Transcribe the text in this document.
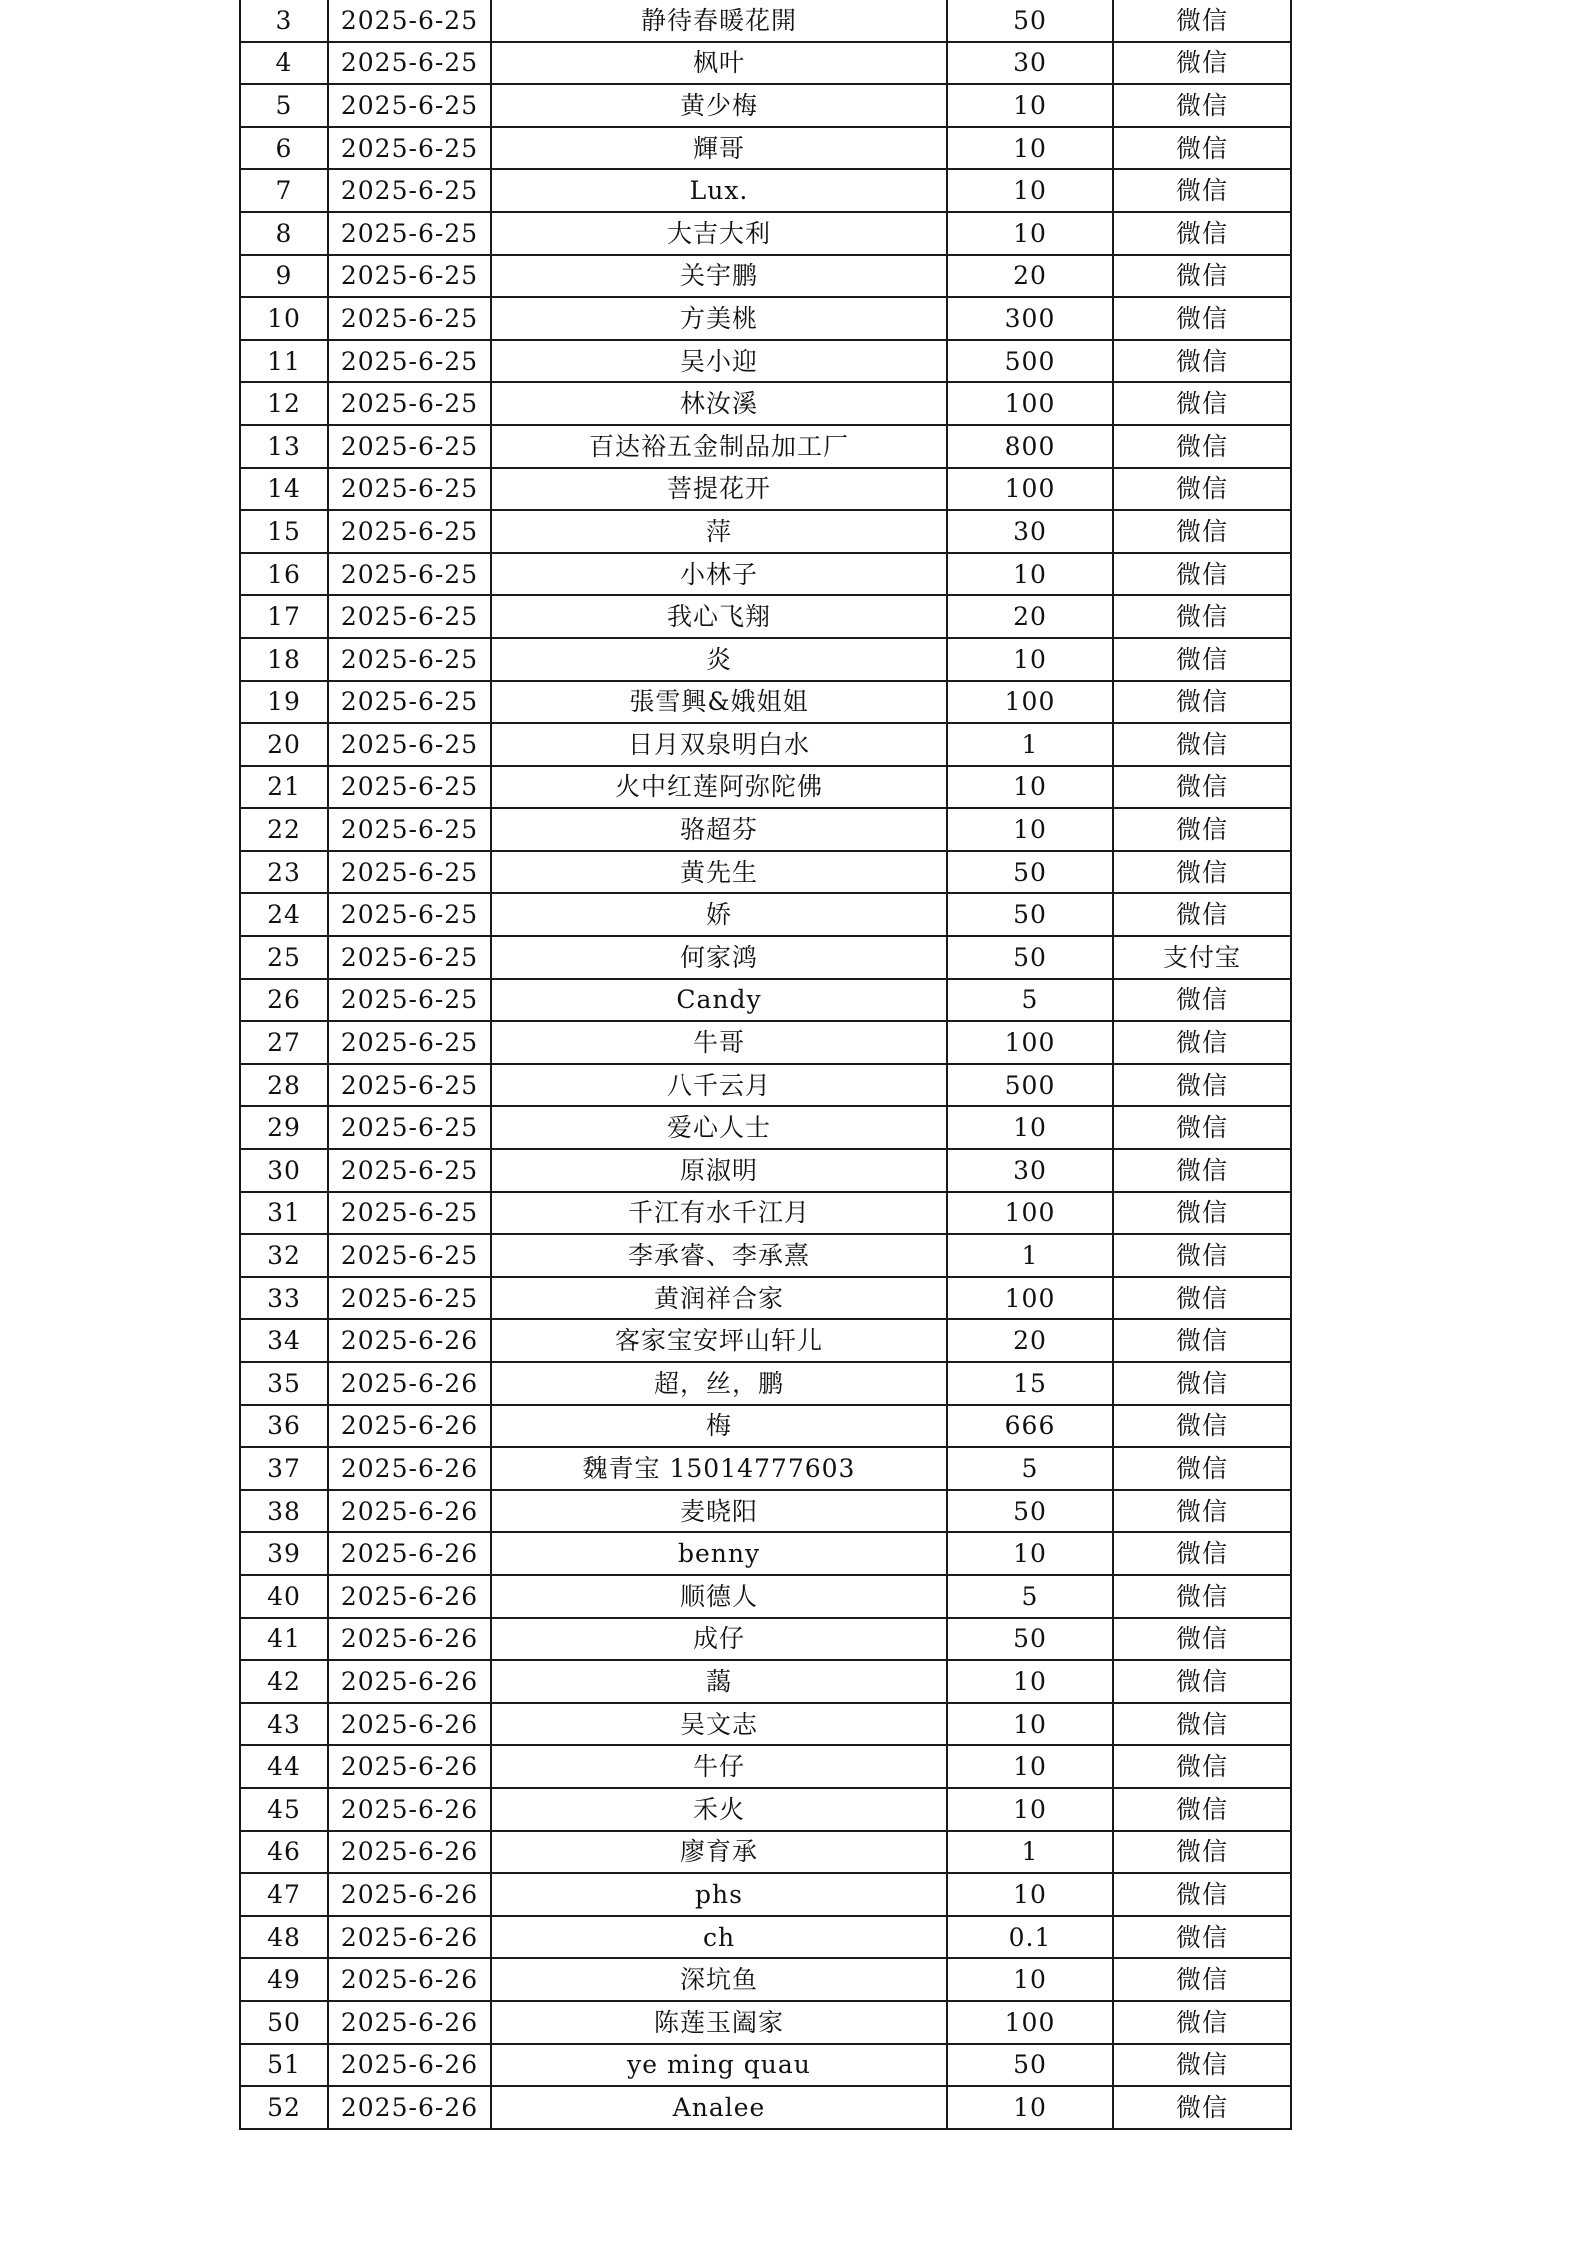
3	2025-6-25	静待春暖花開	50	微信
4	2025-6-25	枫叶	30	微信
5	2025-6-25	黄少梅	10	微信
6	2025-6-25	輝哥	10	微信
7	2025-6-25	Lux.	10	微信
8	2025-6-25	大吉大利	10	微信
9	2025-6-25	关宇鹏	20	微信
10	2025-6-25	方美桃	300	微信
11	2025-6-25	吴小迎	500	微信
12	2025-6-25	林汝溪	100	微信
13	2025-6-25	百达裕五金制品加工厂	800	微信
14	2025-6-25	菩提花开	100	微信
15	2025-6-25	萍	30	微信
16	2025-6-25	小林子	10	微信
17	2025-6-25	我心飞翔	20	微信
18	2025-6-25	炎	10	微信
19	2025-6-25	張雪興&娥姐姐	100	微信
20	2025-6-25	日月双泉明白水	1	微信
21	2025-6-25	火中红莲阿弥陀佛	10	微信
22	2025-6-25	骆超芬	10	微信
23	2025-6-25	黄先生	50	微信
24	2025-6-25	娇	50	微信
25	2025-6-25	何家鸿	50	支付宝
26	2025-6-25	Candy	5	微信
27	2025-6-25	牛哥	100	微信
28	2025-6-25	八千云月	500	微信
29	2025-6-25	爱心人士	10	微信
30	2025-6-25	原淑明	30	微信
31	2025-6-25	千江有水千江月	100	微信
32	2025-6-25	李承睿、李承熹	1	微信
33	2025-6-25	黄润祥合家	100	微信
34	2025-6-26	客家宝安坪山轩儿	20	微信
35	2025-6-26	超，丝，鹏	15	微信
36	2025-6-26	梅	666	微信
37	2025-6-26	魏青宝 15014777603	5	微信
38	2025-6-26	麦晓阳	50	微信
39	2025-6-26	benny	10	微信
40	2025-6-26	顺德人	5	微信
41	2025-6-26	成仔	50	微信
42	2025-6-26	藹	10	微信
43	2025-6-26	吴文志	10	微信
44	2025-6-26	牛仔	10	微信
45	2025-6-26	禾火	10	微信
46	2025-6-26	廖育承	1	微信
47	2025-6-26	phs	10	微信
48	2025-6-26	ch	0.1	微信
49	2025-6-26	深坑鱼	10	微信
50	2025-6-26	陈莲玉阖家	100	微信
51	2025-6-26	ye ming quau	50	微信
52	2025-6-26	Analee	10	微信
